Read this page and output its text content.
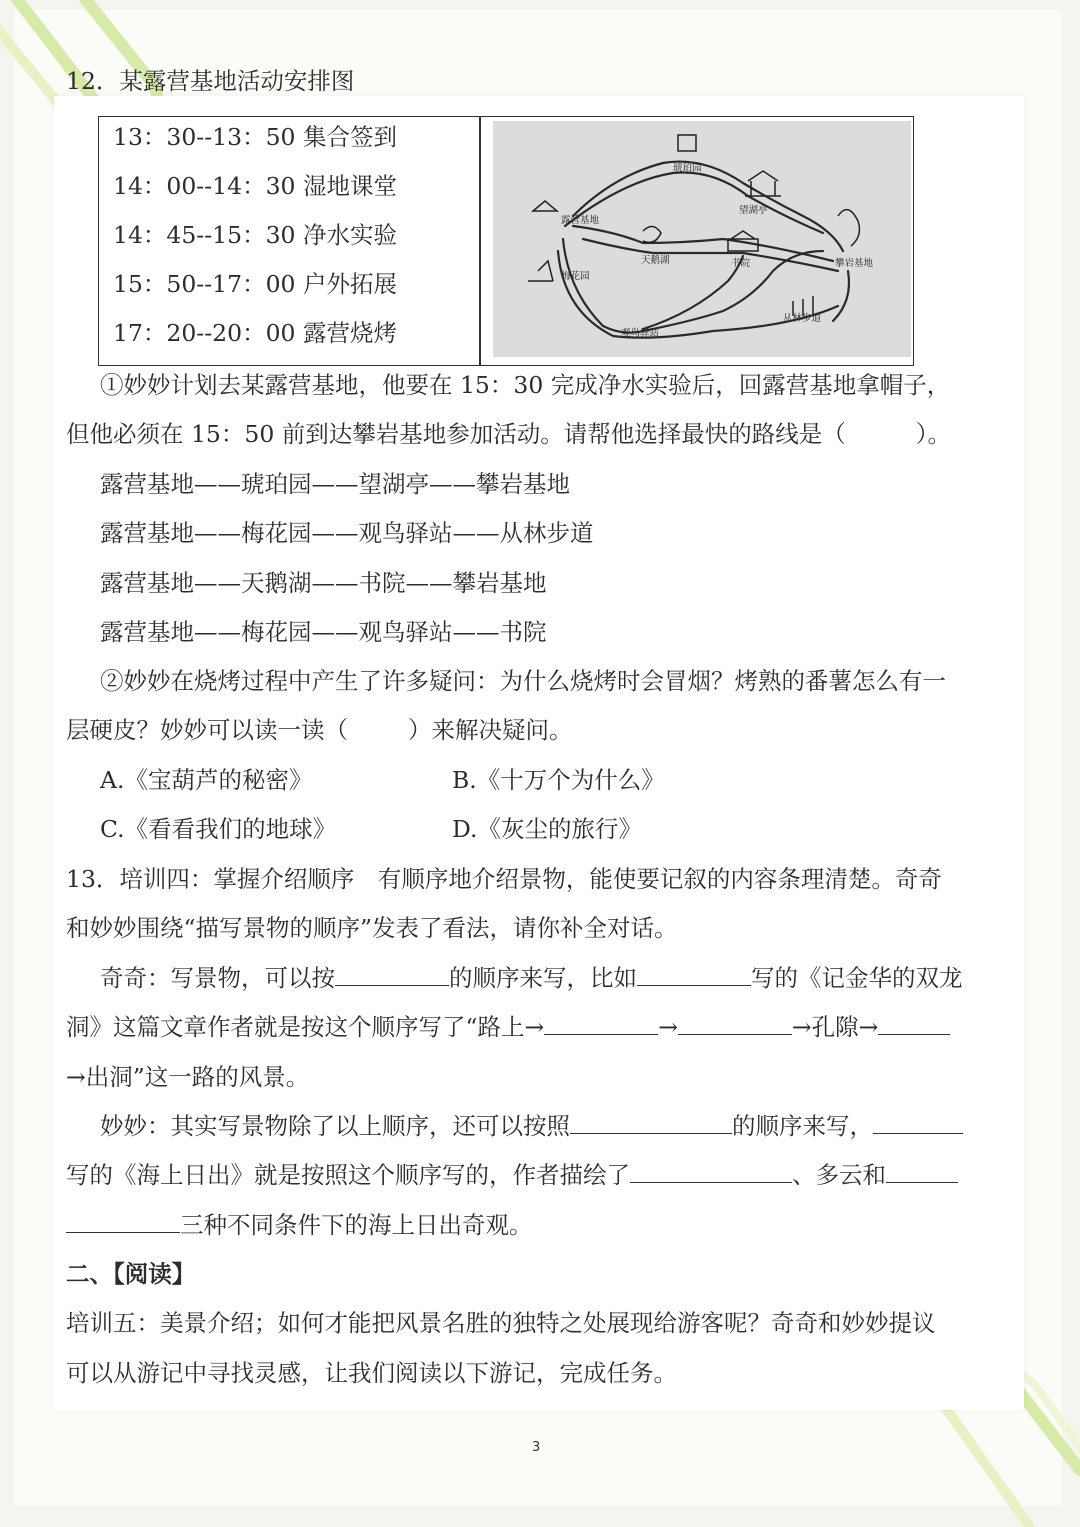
12．某露营基地活动安排图
13：30--13：50 集合签到
14：00--14：30 湿地课堂
14：45--15：30 净水实验
15：50--17：00 户外拓展
17：20--20：00 露营烧烤
琥珀园
望湖亭
露营基地
天鹅湖	书院	攀岩基地
梅花园
观鸟驿站
从林步道
①妙妙计划去某露营基地，他要在 15：30 完成净水实验后，回露营基地拿帽子，
但他必须在 15：50 前到达攀岩基地参加活动。请帮他选择最快的路线是（	）。
露营基地——琥珀园——望湖亭——攀岩基地
露营基地——梅花园——观鸟驿站——从林步道
露营基地——天鹅湖——书院——攀岩基地
露营基地——梅花园——观鸟驿站——书院
②妙妙在烧烤过程中产生了许多疑问：为什么烧烤时会冒烟？烤熟的番薯怎么有一
层硬皮？妙妙可以读一读（	）来解决疑问。
A.《宝葫芦的秘密》	B.《十万个为什么》
C.《看看我们的地球》	D.《灰尘的旅行》
13．培训四：掌握介绍顺序　有顺序地介绍景物，能使要记叙的内容条理清楚。奇奇
和妙妙围绕“描写景物的顺序”发表了看法，请你补全对话。
奇奇：写景物，可以按	的顺序来写，比如	写的《记金华的双龙
洞》这篇文章作者就是按这个顺序写了“路上→	→	→孔隙→
→出洞”这一路的风景。
妙妙：其实写景物除了以上顺序，还可以按照	的顺序来写，
写的《海上日出》就是按照这个顺序写的，作者描绘了	、多云和
三种不同条件下的海上日出奇观。
二、【阅读】
培训五：美景介绍；如何才能把风景名胜的独特之处展现给游客呢？奇奇和妙妙提议
可以从游记中寻找灵感，让我们阅读以下游记，完成任务。
3
